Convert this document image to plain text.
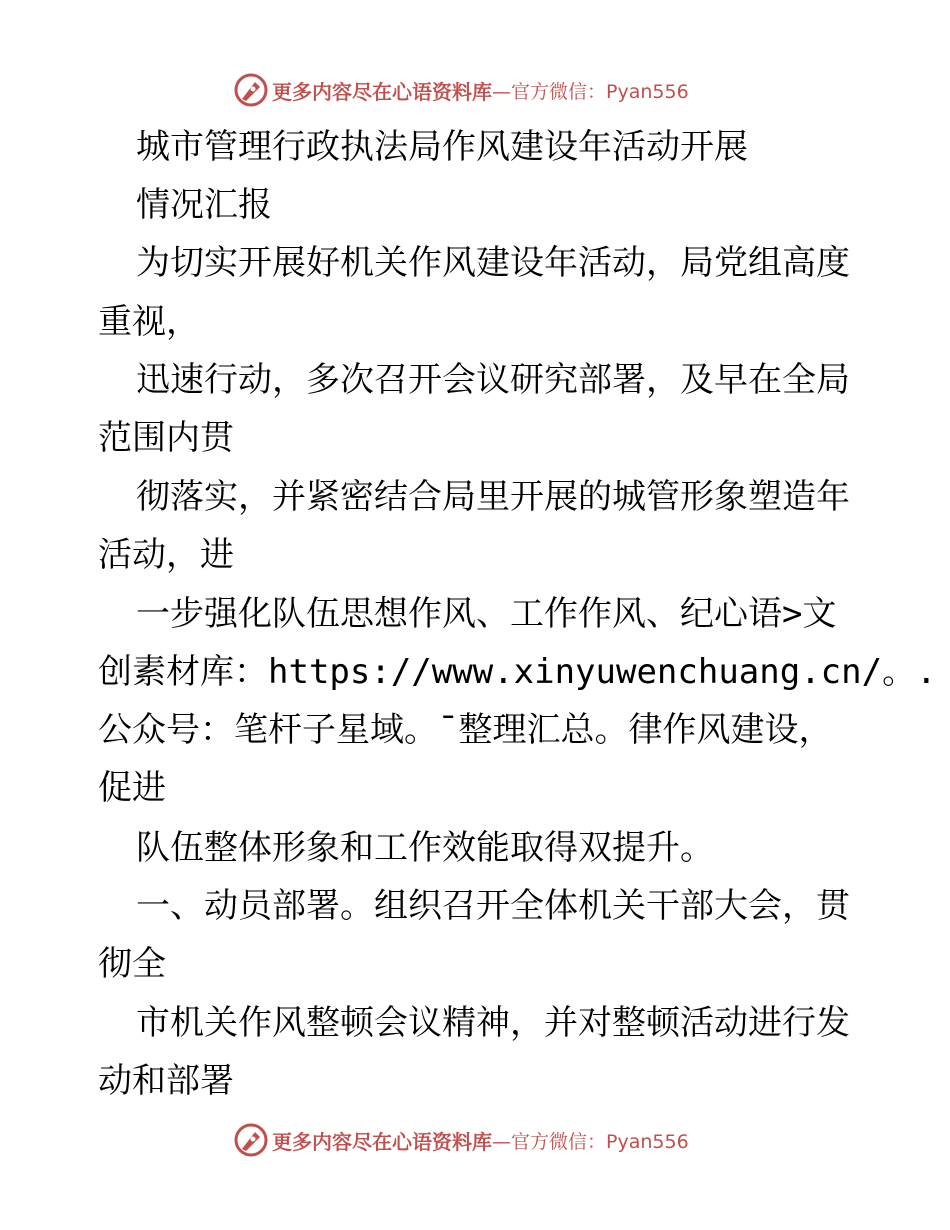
更多内容尽在心语资料库 —官方微信：Pyan556
城市管理行政执法局作风建设年活动开展
情况汇报
为切实开展好机关作风建设年活动，局党组高度
重视，
迅速行动，多次召开会议研究部署，及早在全局
范围内贯
彻落实，并紧密结合局里开展的城管形象塑造年
活动，进
一步强化队伍思想作风、工作作风、纪心语>文
创素材库：https://www.xinyuwenchuang.cn/。.
公众号：笔杆子星域。¯整理汇总。律作风建设，
促进
队伍整体形象和工作效能取得双提升。
一、动员部署。组织召开全体机关干部大会，贯
彻全
市机关作风整顿会议精神，并对整顿活动进行发
动和部署
更多内容尽在心语资料库 —官方微信：Pyan556
